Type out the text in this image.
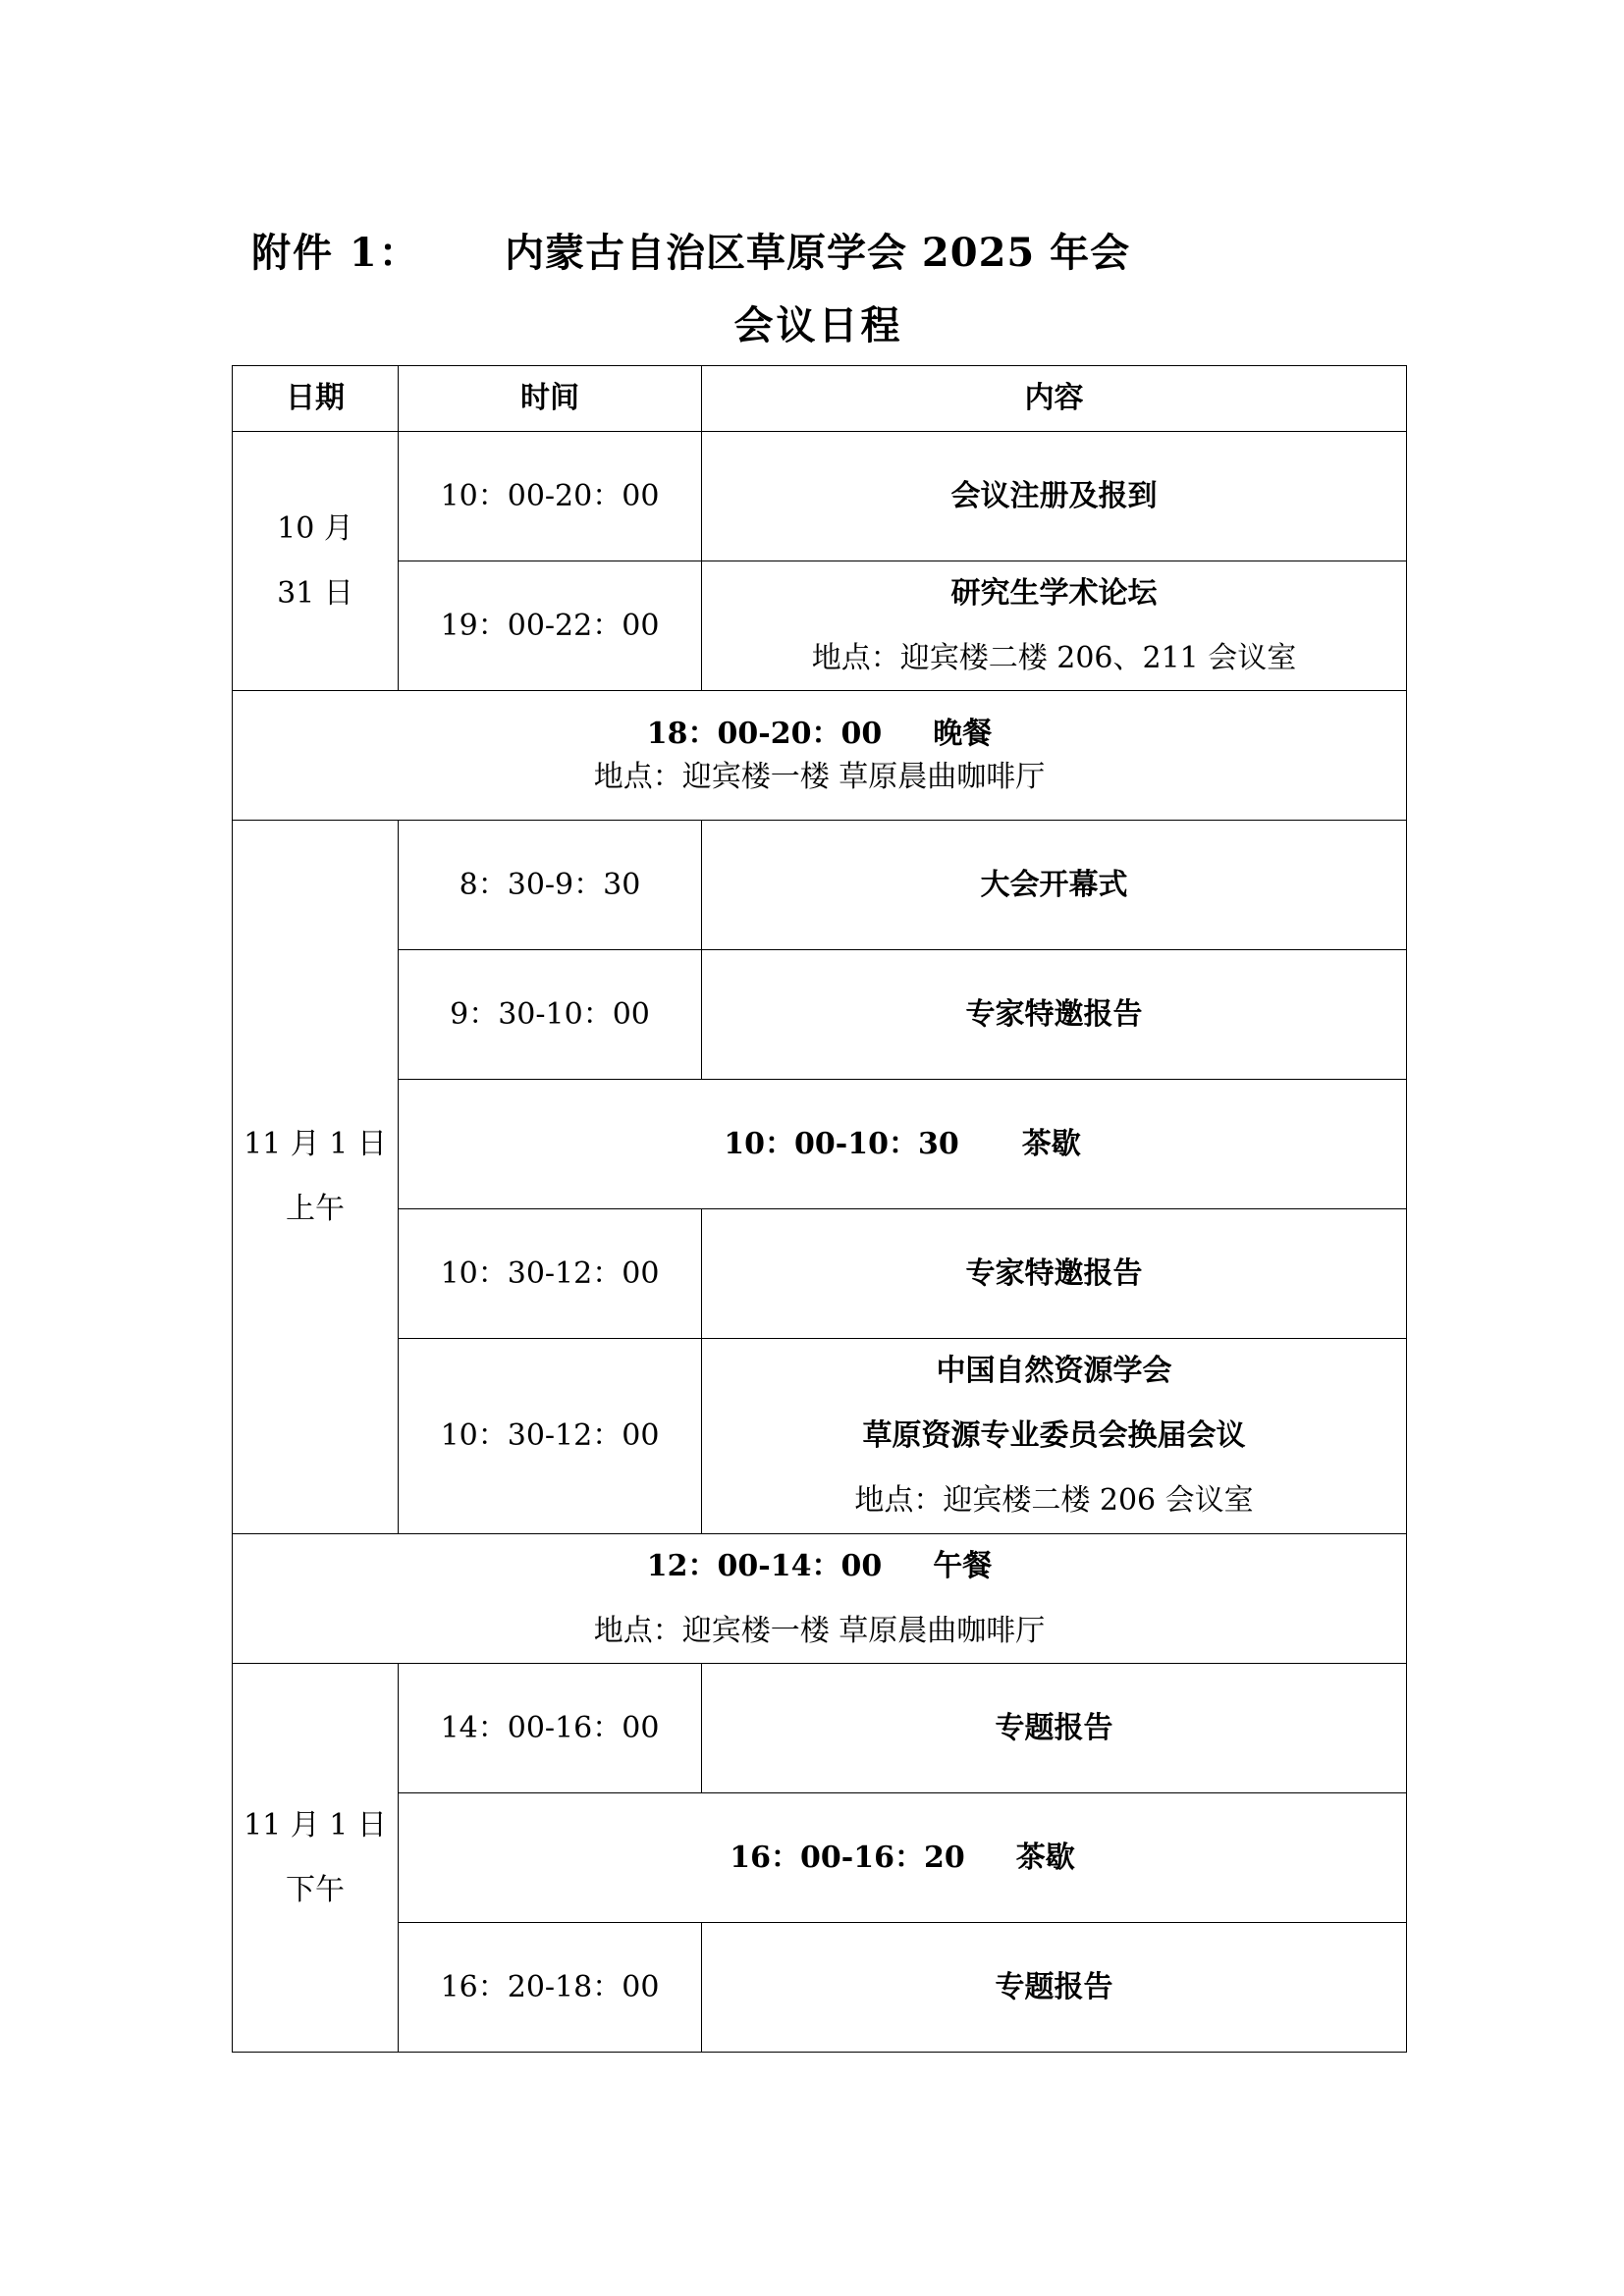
附件 1： 内蒙古自治区草原学会 2025 年会
会议日程
日期	时间	内容

10 月
31 日	10：00-20：00	会议注册及报到
	19：00-22：00	研究生学术论坛
地点：迎宾楼二楼 206、211 会议室

18：00-20：00 晚餐
地点：迎宾楼一楼 草原晨曲咖啡厅		

11 月 1 日
上午	8：30-9：30	大会开幕式
	9：30-10：00	专家特邀报告
	10：00-10：30 茶歇	
	10：30-12：00	专家特邀报告
	10：30-12：00	中国自然资源学会
草原资源专业委员会换届会议
地点：迎宾楼二楼 206 会议室

12：00-14：00 午餐
地点：迎宾楼一楼 草原晨曲咖啡厅		

11 月 1 日
下午	14：00-16：00	专题报告
	16：00-16：20 茶歇	
	16：20-18：00	专题报告
